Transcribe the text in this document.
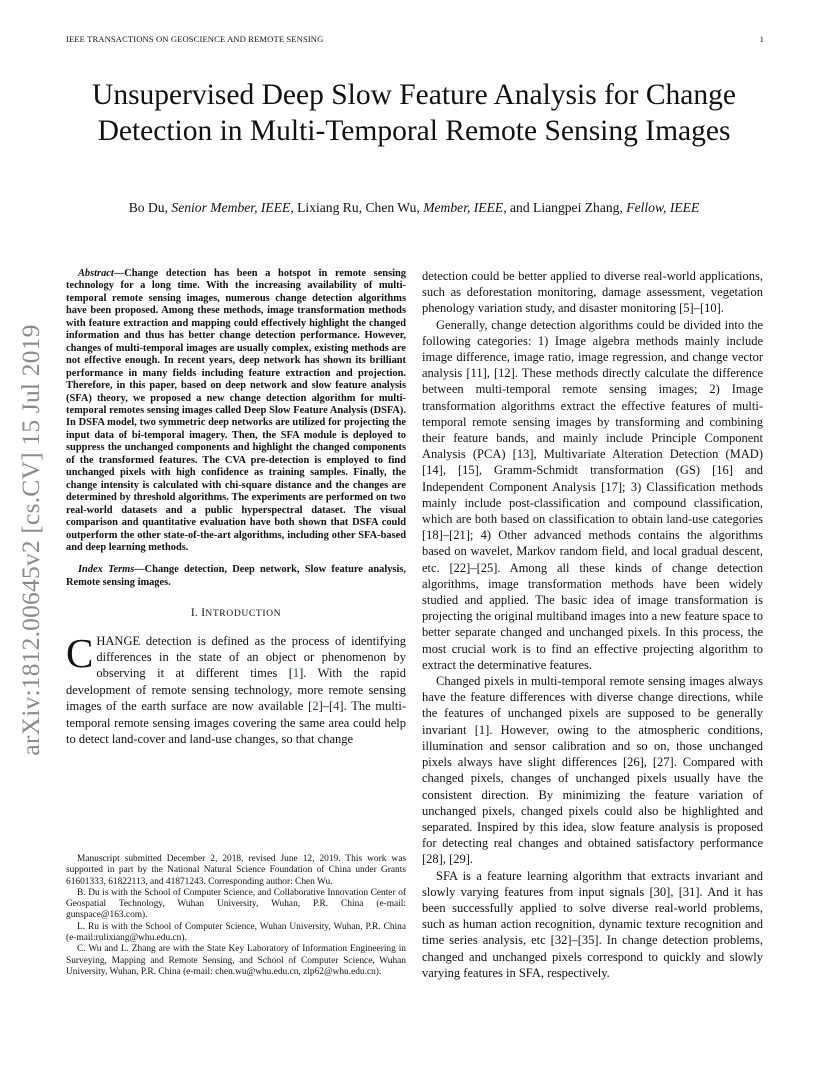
IEEE TRANSACTIONS ON GEOSCIENCE AND REMOTE SENSING	1
Unsupervised Deep Slow Feature Analysis for Change Detection in Multi-Temporal Remote Sensing Images
Bo Du, Senior Member, IEEE, Lixiang Ru, Chen Wu, Member, IEEE, and Liangpei Zhang, Fellow, IEEE
arXiv:1812.00645v2 [cs.CV] 15 Jul 2019

Abstract—Change detection has been a hotspot in remote sensing technology for a long time. With the increasing availability of multi-temporal remote sensing images, numerous change detection algorithms have been proposed. Among these methods, image transformation methods with feature extraction and mapping could effectively highlight the changed information and thus has better change detection performance. However, changes of multi-temporal images are usually complex, existing methods are not effective enough. In recent years, deep network has shown its brilliant performance in many fields including feature extraction and projection. Therefore, in this paper, based on deep network and slow feature analysis (SFA) theory, we proposed a new change detection algorithm for multi-temporal remotes sensing images called Deep Slow Feature Analysis (DSFA). In DSFA model, two symmetric deep networks are utilized for projecting the input data of bi-temporal imagery. Then, the SFA module is deployed to suppress the unchanged components and highlight the changed components of the transformed features. The CVA pre-detection is employed to find unchanged pixels with high confidence as training samples. Finally, the change intensity is calculated with chi-square distance and the changes are determined by threshold algorithms. The experiments are performed on two real-world datasets and a public hyperspectral dataset. The visual comparison and quantitative evaluation have both shown that DSFA could outperform the other state-of-the-art algorithms, including other SFA-based and deep learning methods.

Index Terms—Change detection, Deep network, Slow feature analysis, Remote sensing images.

I. INTRODUCTION

CHANGE detection is defined as the process of identifying differences in the state of an object or phenomenon by observing it at different times [1]. With the rapid development of remote sensing technology, more remote sensing images of the earth surface are now available [2]–[4]. The multi-temporal remote sensing images covering the same area could help to detect land-cover and land-use changes, so that change

Manuscript submitted December 2, 2018, revised June 12, 2019. This work was supported in part by the National Natural Science Foundation of China under Grants 61601333, 61822113, and 41871243. Corresponding author: Chen Wu.

B. Du is with the School of Computer Science, and Collaborative Innovation Center of Geospatial Technology, Wuhan University, Wuhan, P.R. China (e-mail: gunspace@163.com).

L. Ru is with the School of Computer Science, Wuhan University, Wuhan, P.R. China (e-mail:rulixiang@whu.edu.cn).

C. Wu and L. Zhang are with the State Key Laboratory of Information Engineering in Surveying, Mapping and Remote Sensing, and School of Computer Science, Wuhan University, Wuhan, P.R. China (e-mail: chen.wu@whu.edu.cn, zlp62@whu.edu.cn).

detection could be better applied to diverse real-world applications, such as deforestation monitoring, damage assessment, vegetation phenology variation study, and disaster monitoring [5]–[10].

Generally, change detection algorithms could be divided into the following categories: 1) Image algebra methods mainly include image difference, image ratio, image regression, and change vector analysis [11], [12]. These methods directly calculate the difference between multi-temporal remote sensing images; 2) Image transformation algorithms extract the effective features of multi-temporal remote sensing images by transforming and combining their feature bands, and mainly include Principle Component Analysis (PCA) [13], Multivariate Alteration Detection (MAD) [14], [15], Gramm-Schmidt transformation (GS) [16] and Independent Component Analysis [17]; 3) Classification methods mainly include post-classification and compound classification, which are both based on classification to obtain land-use categories [18]–[21]; 4) Other advanced methods contains the algorithms based on wavelet, Markov random field, and local gradual descent, etc. [22]–[25]. Among all these kinds of change detection algorithms, image transformation methods have been widely studied and applied. The basic idea of image transformation is projecting the original multiband images into a new feature space to better separate changed and unchanged pixels. In this process, the most crucial work is to find an effective projecting algorithm to extract the determinative features.

Changed pixels in multi-temporal remote sensing images always have the feature differences with diverse change directions, while the features of unchanged pixels are supposed to be generally invariant [1]. However, owing to the atmospheric conditions, illumination and sensor calibration and so on, those unchanged pixels always have slight differences [26], [27]. Compared with changed pixels, changes of unchanged pixels usually have the consistent direction. By minimizing the feature variation of unchanged pixels, changed pixels could also be highlighted and separated. Inspired by this idea, slow feature analysis is proposed for detecting real changes and obtained satisfactory performance [28], [29].

SFA is a feature learning algorithm that extracts invariant and slowly varying features from input signals [30], [31]. And it has been successfully applied to solve diverse real-world problems, such as human action recognition, dynamic texture recognition and time series analysis, etc [32]–[35]. In change detection problems, changed and unchanged pixels correspond to quickly and slowly varying features in SFA, respectively.
